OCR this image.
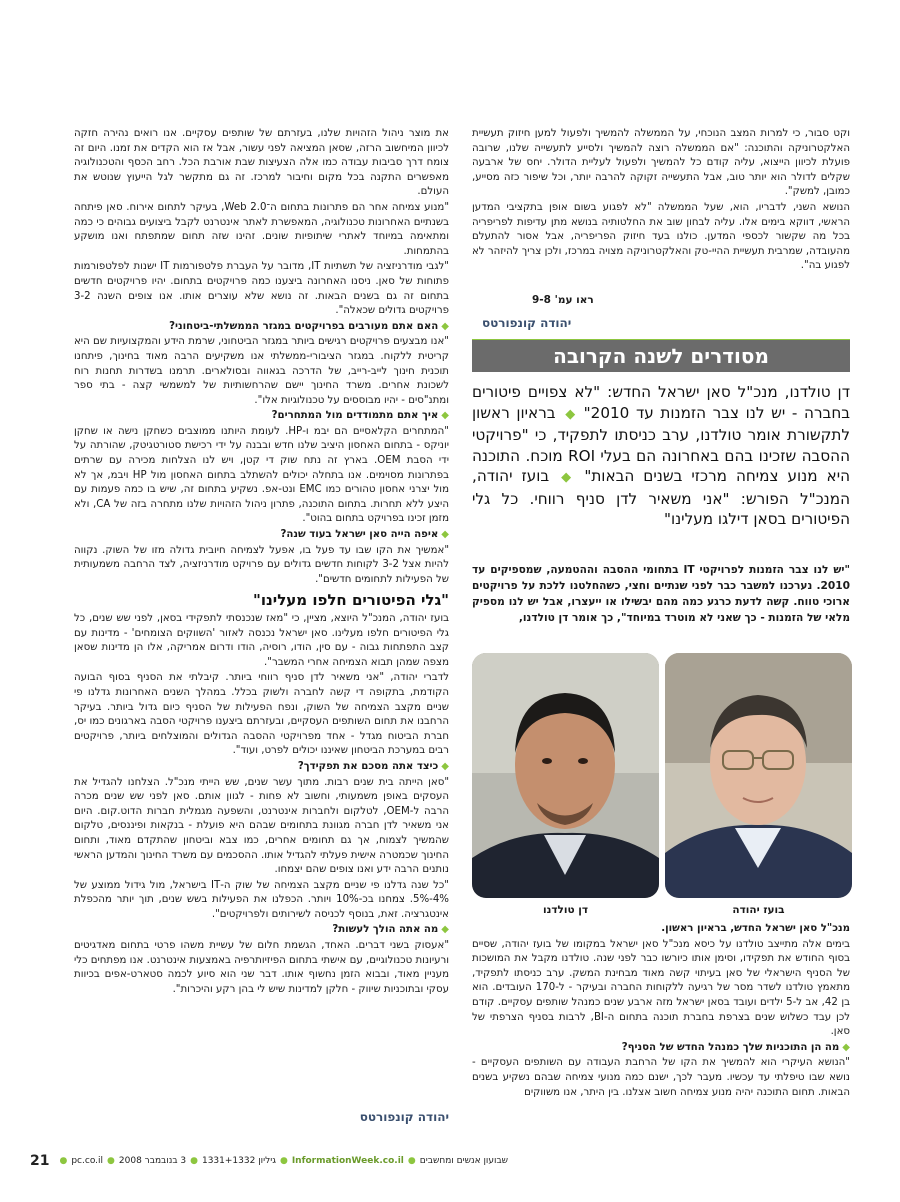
את מוצר ניהול הזהויות שלנו, בעזרתם של שותפים עסקיים. אנו רואים נהירה חזקה לכיוון המיחשוב הרזה, שסאן המציאה לפני עשור, אבל אז הוא הקדים את זמנו. היום זה צומח דרך סביבות עבודה כמו אלה הצעיצות שבת אורבת הכל. רחב הכסף והטכנולוגיה מאפשרים התקנה בכל מקום וחיבור למרכז. זה גם מתקשר לגל הייעוץ שנוטש את העולם.

"מנוע צמיחה אחר הם פתרונות בתחום ה־2.0 Web, בעיקר לתחום אירוח. סאן פיתחה בשנתיים האחרונות טכנולוגיה, המאפשרת לאתר אינטרנט לקבל ביצועים גבוהים כי כמה ומתאימה במיוחד לאתרי שיתופיות שונים. זהינו שזה תחום שמתפתח ואנו מושקע בהתמחות.

"לגבי מודרניזציה של תשתיות IT, מדובר על העברת פלטפורמות IT ישנות לפלטפורמות פתוחות של סאן. ניסנו האחרונה ביצענו כמה פרויקטים בתחום. יהיו פרויקטים חדשים בתחום זה גם בשנים הבאות. זה נושא שלא עוצרים אותו. אנו צופים השנה 3-2 פרויקטים גדולים שכאלה".

◆האם אתם מעורבים בפרויקטים במגזר הממשלתי-ביטחוני?

"אנו מבצעים פרויקטים רגישים ביותר במגזר הביטחוני, שרמת הידע והמקצועיות שם היא קריטית ללקוח. במגזר הציבורי-ממשלתי אנו משקיעים הרבה מאוד בחינוך, פיתחנו תוכנית חינוך לייב-רייב, של הדרכה בגאווה ובסולארים. תרמנו בשדרות תחנות רוח לשכונת אחרים. משרד החינוך יישם שהרחשותיות של למשמשי קצה - בתי ספר ומתנ"סים - יהיו מבוססים על טכנולוגיות אלו".

◆איך אתם מתמודדים מול המתחרים?

"המתחרים הקלאסיים הם יבמ ו-HP. לעומת היותנו ממוצבים כשחקן נישה או שחקן יוניקס - בתחום האחסון היציב שלנו חדש ובבנה על ידי רכישת סטורטגיטק, שהורתה על ידי הסבת OEM. בארץ זה נתח שוק די קטן, ויש לנו הצלחות מכירה עם שרתים בפתרונות מסוימים. אנו בתחלה יכולים להשתלב בתחום האחסון מול HP ויבמ, אך לא מול יצרני אחסון טהורים כמו EMC ונט-אפ. נשקיע בתחום זה, שיש בו כמה פעמות עם היצע ללא תחרות. בתחום התוכנה, פתרון ניהול הזהויות שלנו מתחרה בזה של CA, ולא מזמן זכינו בפרויקט בתחום בהוט".

◆איפה הייה סאן ישראל בעוד שנה?

"אמשיך את הקו שבו עד פעל בו, אפעל לצמיחה חיובית גדולה מזו של השוק. נקווה להיות אצל 3-2 לקוחות חדשים גדולים עם פרויקט מודרניזציה, לצד הרחבה משמעותית של הפעילות לתחומים חדשים".

"גלי הפיטורים חלפו מעלינו"

בועז יהודה, המנכ"ל היוצא, מציין, כי "מאז שנכנסתי לתפקידי בסאן, לפני שש שנים, כל גלי הפיטורים חלפו מעלינו. סאן ישראל נכנסה לאזור 'השווקים הצומחים' - מדינות עם קצב התפתחות גבוה - עם סין, הודו, רוסיה, הודו ודרום אמריקה, אלו הן מדינות שסאן מצפה שמהן תבוא הצמיחה אחרי המשבר".

לדברי יהודה, "אני משאיר לדן סניף רווחי ביותר. קיבלתי את הסניף בסוף הבועה הקודמת, בתקופה די קשה לחברה ולשוק בכלל. במהלך השנים האחרונות גדלנו פי שניים מקצב הצמיחה של השוק, ונפח הפעילות של הסניף כיום גדול ביותר. בעיקר הרחבנו את תחום השותפים העסקיים, ובעזרתם ביצענו פרויקטי הסבה בארגונים כמו יס, חברת הביטוח מגדל - אחד מפרויקטי ההסבה הגדולים והמוצלחים ביותר, פרויקטים רבים במערכת הביטחון שאיננו יכולים לפרט, ועוד".

◆כיצד אתה מסכם את תפקידך?

"סאן הייתה בית שנים רבות. מתוך עשר שנים, שש הייתי מנכ"ל. הצלחנו להגדיל את העסקים באופן משמעותי, וחשוב לא פחות - לגוון אותם. סאן לפני שש שנים מכרה הרבה ל-OEM, לטלקום ולחברות אינטרנט, והשפעה מגמלית חברות הדוט.קום. היום אני משאיר לדן חברה מגוונת בתחומים שבהם היא פועלת - בנקאות ופיננסים, טלקום שהמשיך לצמוח, אך גם תחומים אחרים, כמו צבא וביטחון שהתקדם מאוד, ותחום החינוך שכמטרה אישית פעלתי להגדיל אותו. ההסכמים עם משרד החינוך והמדען הראשי נותנים הרבה ידע ואנו צופים שהם יצמחו.

"כל שנה גדלנו פי שניים מקצב הצמיחה של שוק ה-IT בישראל, מול גידול ממוצע של 4%-5%. צמחנו בכ-10% ויותר. הכפלנו את הפעילות בשש שנים, תוך יותר מהכפלת אינטגרציה. זאת, בנוסף לכניסה לשירותים ולפרויקטים".

◆מה אתה הולך לעשות?

"אעסוק בשני דברים. האחד, הגשמת חלום של עשיית משהו פרטי בתחום מאדגיטים ורעיונות טכנולוגיים, עם אישתי בתחום הפיזיותרפיה באמצעות אינטרנט. אנו מפתחים כלי מעניין מאוד, ובבוא הזמן נחשוף אותו. דבר שני הוא סיוע לכמה סטארט-אפים בכיוות עסקי ובתוכניות שיווק - חלקן למדינות שיש לי בהן רקע והיכרות".

יהודה קונפורטס

וקט סבור, כי למרות המצב הנוכחי, על הממשלה להמשיך ולפעול למען חיזוק תעשיית האלקטרוניקה והתוכנה: "אם הממשלה רוצה להמשיך ולסייע לתעשייה שלנו, שרובה פועלת לכיוון הייצוא, עליה קודם כל להמשיך ולפעול לעליית הדולר. יחס של ארבעה שקלים לדולר הוא יותר טוב, אבל התעשייה זקוקה להרבה יותר, וכל שיפור כזה מסייע, כמובן, למשק".

הנושא השני, לדבריו, הוא, שעל הממשלה "לא לפגוע בשום אופן בתקציבי המדען הראשי, דווקא בימים אלו. עליה לבחון שוב את החלטותיה בנושא מתן עדיפות לפריפריה בכל מה שקשור לכספי המדען. כולנו בעד חיזוק הפריפריה, אבל אסור להתעלם מהעובדה, שמרבית תעשיית ההיי-טק והאלקטרוניקה מצויה במרכז, ולכן צריך להיזהר לא לפגוע בה".

ראו עמ' 9-8
יהודה קונפורטס
מסודרים לשנה הקרובה
דן טולדנו, מנכ"ל סאן ישראל החדש: "לא צפויים פיטורים בחברה - יש לנו צבר הזמנות עד 2010" ◆ בראיון ראשון לתקשורת אומר טולדנו, ערב כניסתו לתפקיד, כי "פרויקטי ההסבה שזכינו בהם באחרונה הם בעלי ROI מוכח. התוכנה היא מנוע צמיחה מרכזי בשנים הבאות" ◆ בועז יהודה, המנכ"ל הפורש: "אני משאיר לדן סניף רווחי. כל גלי הפיטורים בסאן דילגו מעלינו"
"יש לנו צבר הזמנות לפרויקטי IT בתחומי ההסבה וההטמעה, שמספיקים עד 2010. נערכנו למשבר כבר לפני שנתיים וחצי, כשהחלטנו ללכת על פרויקטים ארוכי טווח. קשה לדעת כרגע כמה מהם יבשילו או ייעצרו, אבל יש לנו מספיק מלאי של הזמנות - כך שאני לא מוטרד במיוחד", כך אומר דן טולדנו,
בועז יהודה
דן טולדנו

מנכ"ל סאן ישראל החדש, בראיון ראשון.

בימים אלה מתייצב טולדנו על כיסא מנכ"ל סאן ישראל במקומו של בועז יהודה, שסיים בסוף החודש את תפקידו, וסימן אותו כיורשו כבר לפני שנה. טולדנו מקבל את המושכות של הסניף הישראלי של סאן בעיתוי קשה מאוד מבחינת המשק. ערב כניסתו לתפקיד, מתאמץ טולדנו לשדר מסר של רגיעה ללקוחות החברה ובעיקר - ל-170 העובדים. הוא בן 42, אב ל-5 ילדים ועובד בסאן ישראל מזה ארבע שנים כמנהל שותפים עסקיים. קודם לכן עבד כשלוש שנים בצרפת בחברת תוכנה בתחום ה-BI, לרבות בסניף הצרפתי של סאן.

◆מה הן התוכניות שלך כמנהל החדש של הסניף?

"הנושא העיקרי הוא להמשיך את הקו של הרחבת העבודה עם השותפים העסקיים - נושא שבו טיפלתי עד עכשיו. מעבר לכך, ישנם כמה מנועי צמיחה שבהם נשקיע בשנים הבאות. תחום התוכנה יהיה מנוע צמיחה חשוב אצלנו. בין היתר, אנו משווקים

21 ● pc.co.il ● 3 בנובמבר 2008 ● גיליון 1331+1332 ● InformationWeek.co.il ● שבועון אנשים ומחשבים
